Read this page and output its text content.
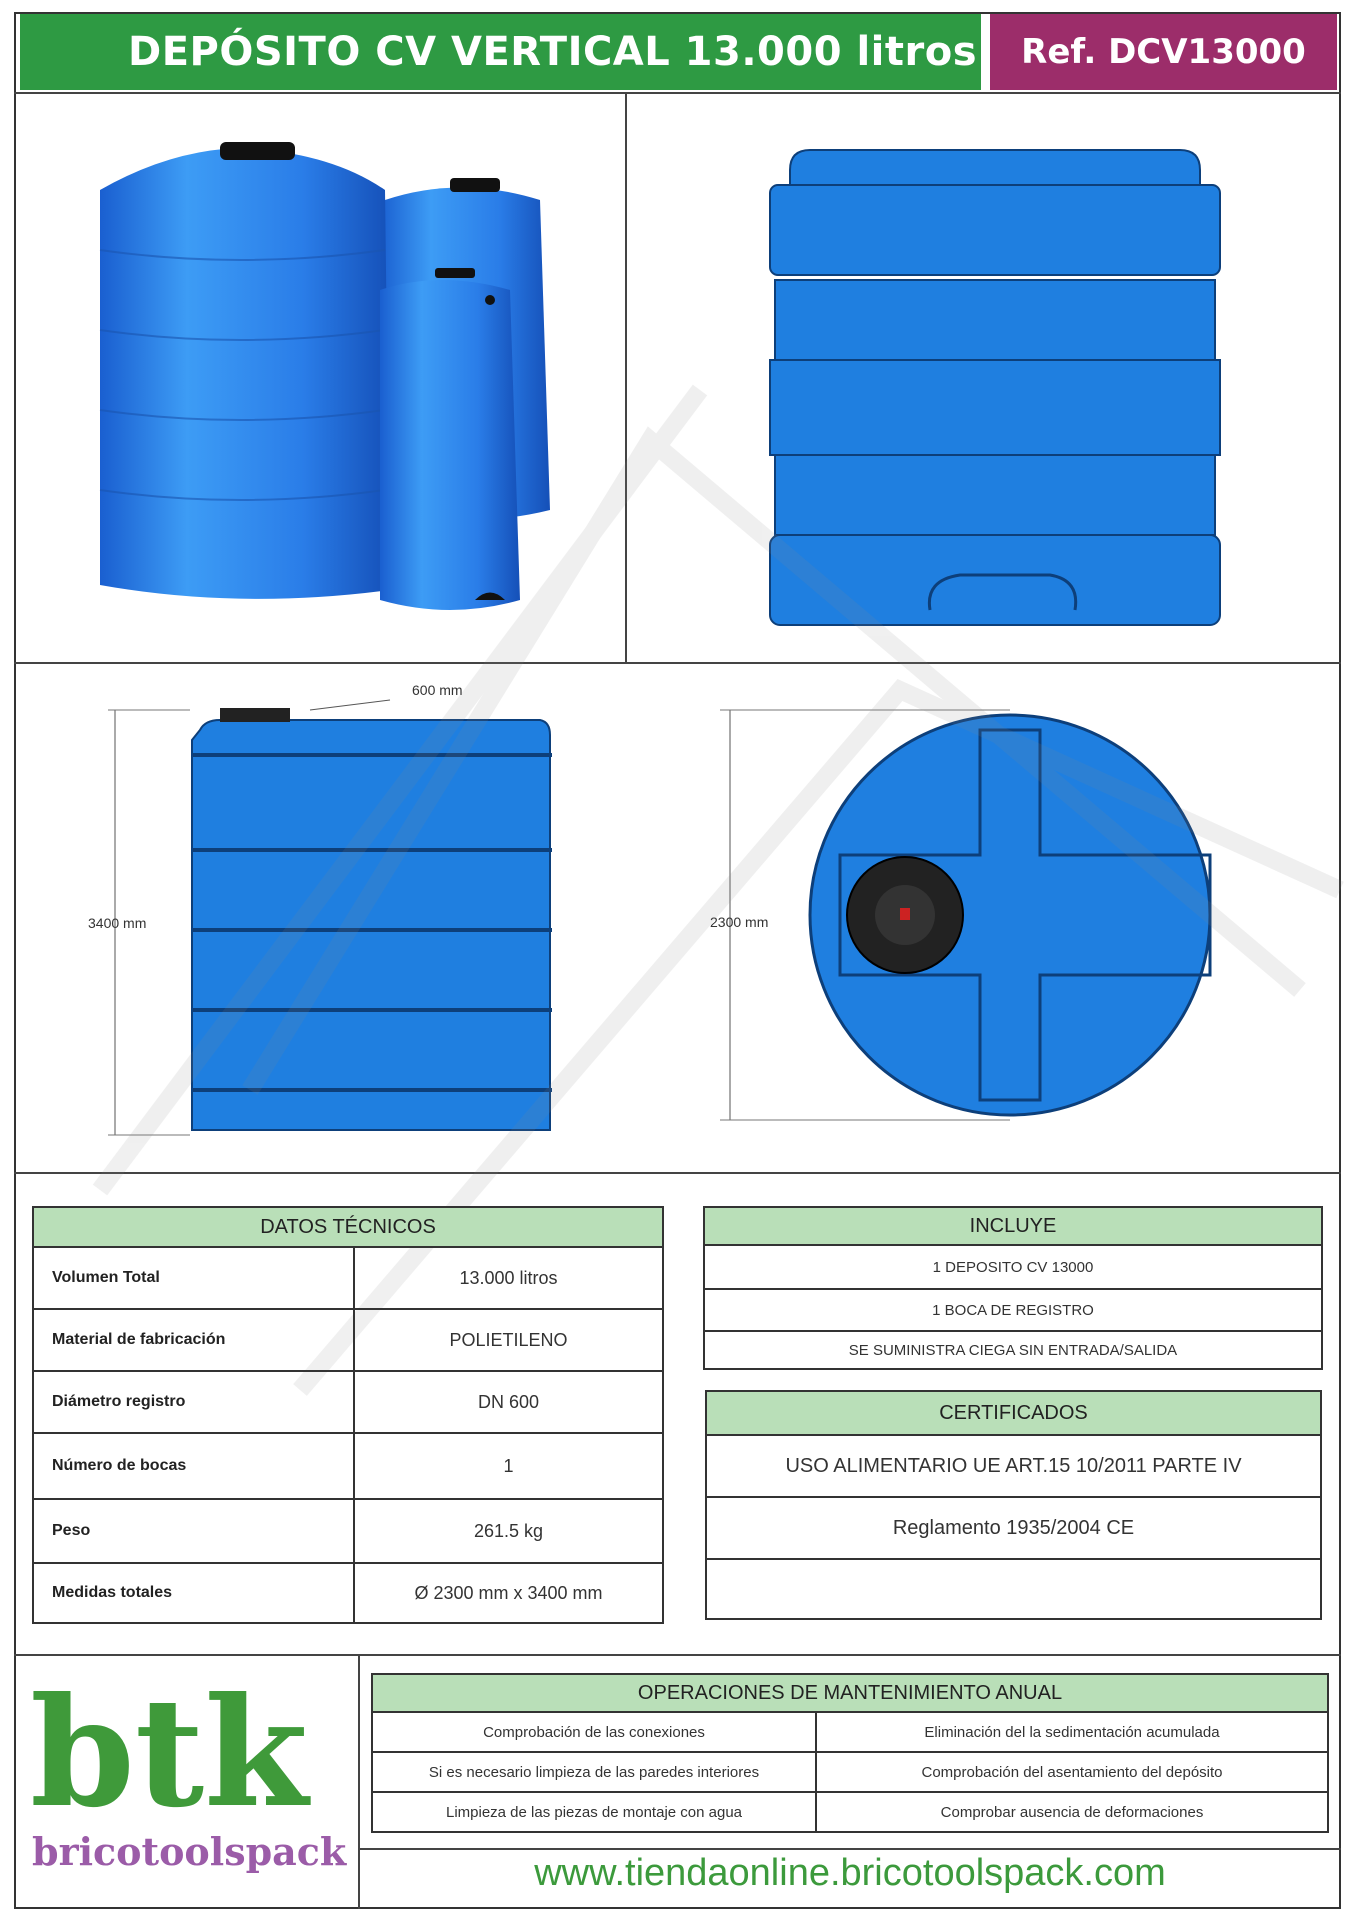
DEPÓSITO CV VERTICAL 13.000 litros	Ref. DCV13000
600 mm
3400 mm	2300 mm
DATOS TÉCNICOS	
Volumen Total	13.000 litros
Material de fabricación	POLIETILENO
Diámetro registro	DN 600
Número de bocas	1
Peso	261.5 kg
Medidas totales	Ø 2300 mm x 3400 mm
INCLUYE
1 DEPOSITO CV 13000
1 BOCA DE REGISTRO
SE SUMINISTRA CIEGA SIN ENTRADA/SALIDA
CERTIFICADOS
USO ALIMENTARIO UE ART.15 10/2011 PARTE IV
Reglamento 1935/2004 CE

btk
bricotoolspack
OPERACIONES DE MANTENIMIENTO ANUAL	
Comprobación de las conexiones	Eliminación del la sedimentación acumulada
Si es necesario limpieza de las paredes interiores	Comprobación del asentamiento del depósito
Limpieza de las piezas de montaje con agua	Comprobar ausencia de deformaciones
www.tiendaonline.bricotoolspack.com
